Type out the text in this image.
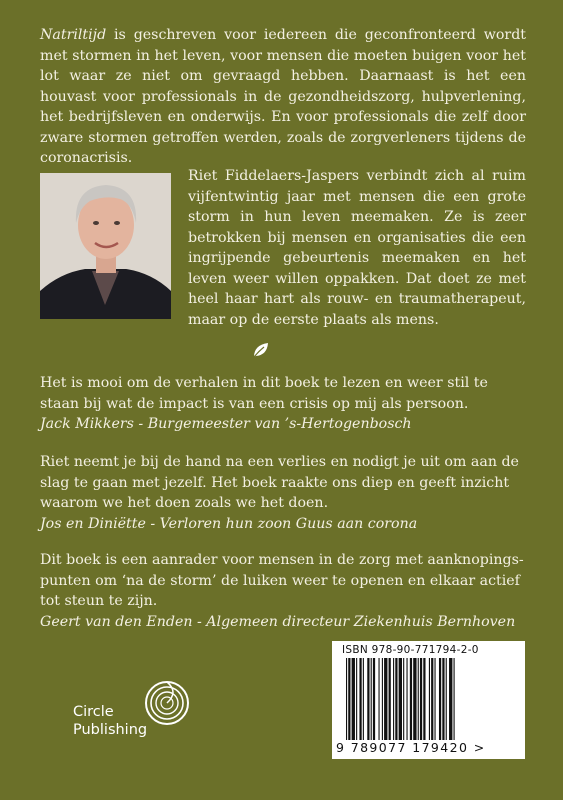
Natriltijd is geschreven voor iedereen die geconfronteerd wordt met stormen in het leven, voor mensen die moeten buigen voor het lot waar ze niet om gevraagd hebben. Daarnaast is het een houvast voor professionals in de gezondheidszorg, hulpverlening, het bedrijfsleven en onderwijs. En voor professionals die zelf door zware stormen getroffen werden, zoals de zorgverleners tijdens de coronacrisis.
Riet Fiddelaers-Jaspers verbindt zich al ruim vijfentwintig jaar met mensen die een grote storm in hun leven meemaken. Ze is zeer betrokken bij mensen en organisaties die een ingrijpende gebeurtenis meemaken en het leven weer willen oppakken. Dat doet ze met heel haar hart als rouw- en traumatherapeut, maar op de eerste plaats als mens.

Het is mooi om de verhalen in dit boek te lezen en weer stil te staan bij wat de impact is van een crisis op mij als persoon.

Jack Mikkers - Burgemeester van ’s-Hertogenbosch

Riet neemt je bij de hand na een verlies en nodigt je uit om aan de slag te gaan met jezelf. Het boek raakte ons diep en geeft inzicht waarom we het doen zoals we het doen.

Jos en Diniëtte - Verloren hun zoon Guus aan corona

Dit boek is een aanrader voor mensen in de zorg met aanknopingspunten om ‘na de storm’ de luiken weer te openen en elkaar actief tot steun te zijn.

Geert van den Enden - Algemeen directeur Ziekenhuis Bernhoven

Circle
Publishing
ISBN 978-90-771794-2-0
9 789077 179420 >
